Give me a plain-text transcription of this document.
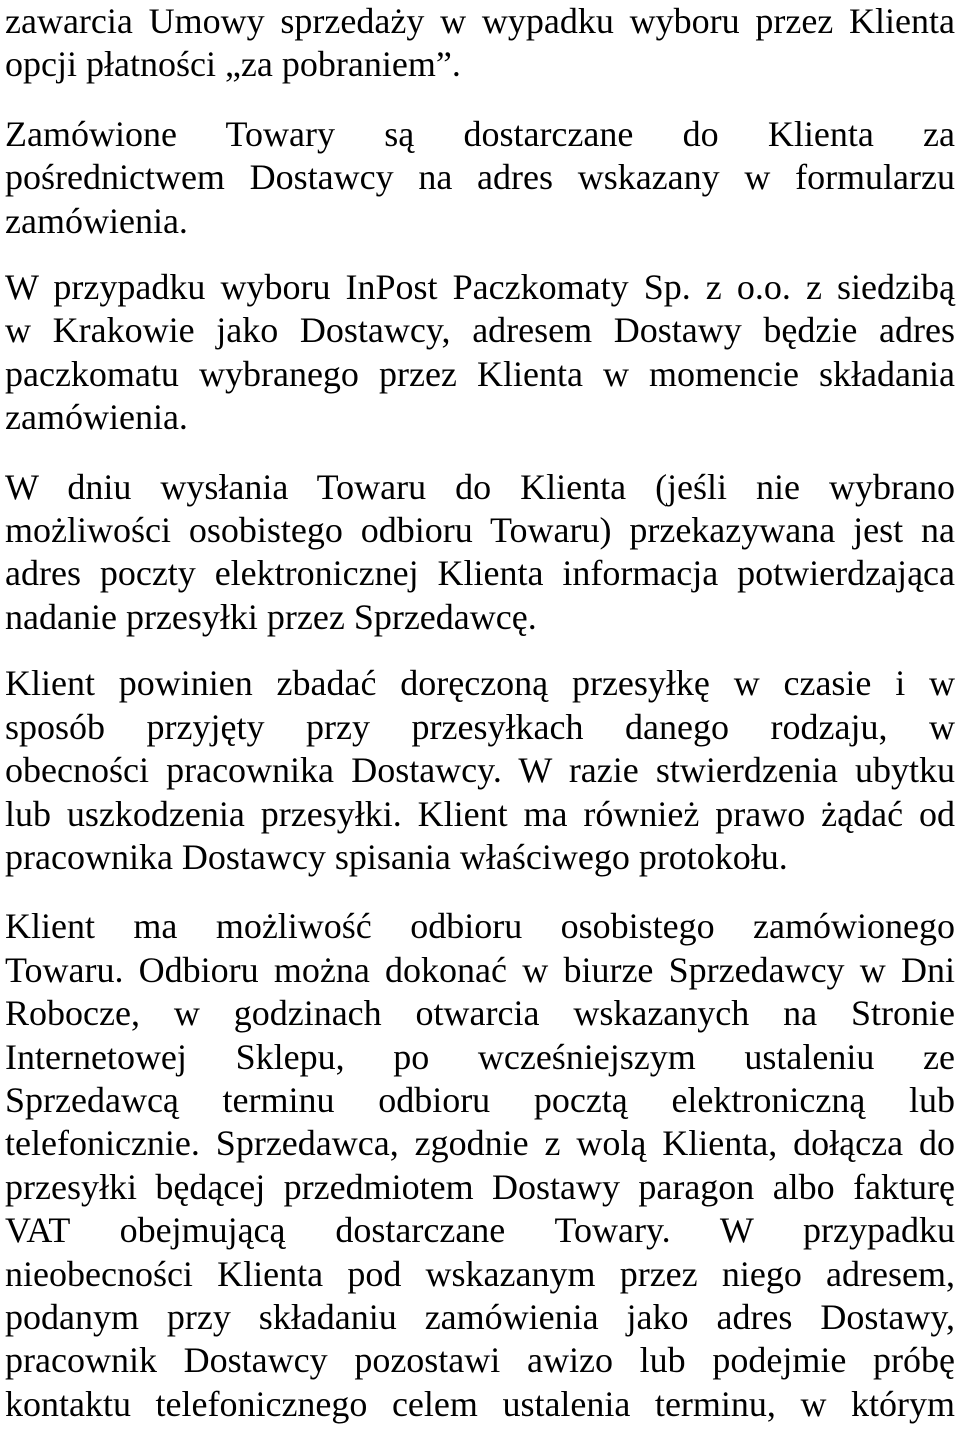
zawarcia Umowy sprzedaży w wypadku wyboru przez Klienta

opcji płatności „za pobraniem”.

Zamówione Towary są dostarczane do Klienta za

pośrednictwem Dostawcy na adres wskazany w formularzu

zamówienia.

W przypadku wyboru InPost Paczkomaty Sp. z o.o. z siedzibą

w Krakowie jako Dostawcy, adresem Dostawy będzie adres

paczkomatu wybranego przez Klienta w momencie składania

zamówienia.

W dniu wysłania Towaru do Klienta (jeśli nie wybrano

możliwości osobistego odbioru Towaru) przekazywana jest na

adres poczty elektronicznej Klienta informacja potwierdzająca

nadanie przesyłki przez Sprzedawcę.

Klient powinien zbadać doręczoną przesyłkę w czasie i w

sposób przyjęty przy przesyłkach danego rodzaju, w

obecności pracownika Dostawcy. W razie stwierdzenia ubytku

lub uszkodzenia przesyłki. Klient ma również prawo żądać od

pracownika Dostawcy spisania właściwego protokołu.

Klient ma możliwość odbioru osobistego zamówionego

Towaru. Odbioru można dokonać w biurze Sprzedawcy w Dni

Robocze, w godzinach otwarcia wskazanych na Stronie

Internetowej Sklepu, po wcześniejszym ustaleniu ze

Sprzedawcą terminu odbioru pocztą elektroniczną lub

telefonicznie. Sprzedawca, zgodnie z wolą Klienta, dołącza do

przesyłki będącej przedmiotem Dostawy paragon albo fakturę

VAT obejmującą dostarczane Towary. W przypadku

nieobecności Klienta pod wskazanym przez niego adresem,

podanym przy składaniu zamówienia jako adres Dostawy,

pracownik Dostawcy pozostawi awizo lub podejmie próbę

kontaktu telefonicznego celem ustalenia terminu, w którym
